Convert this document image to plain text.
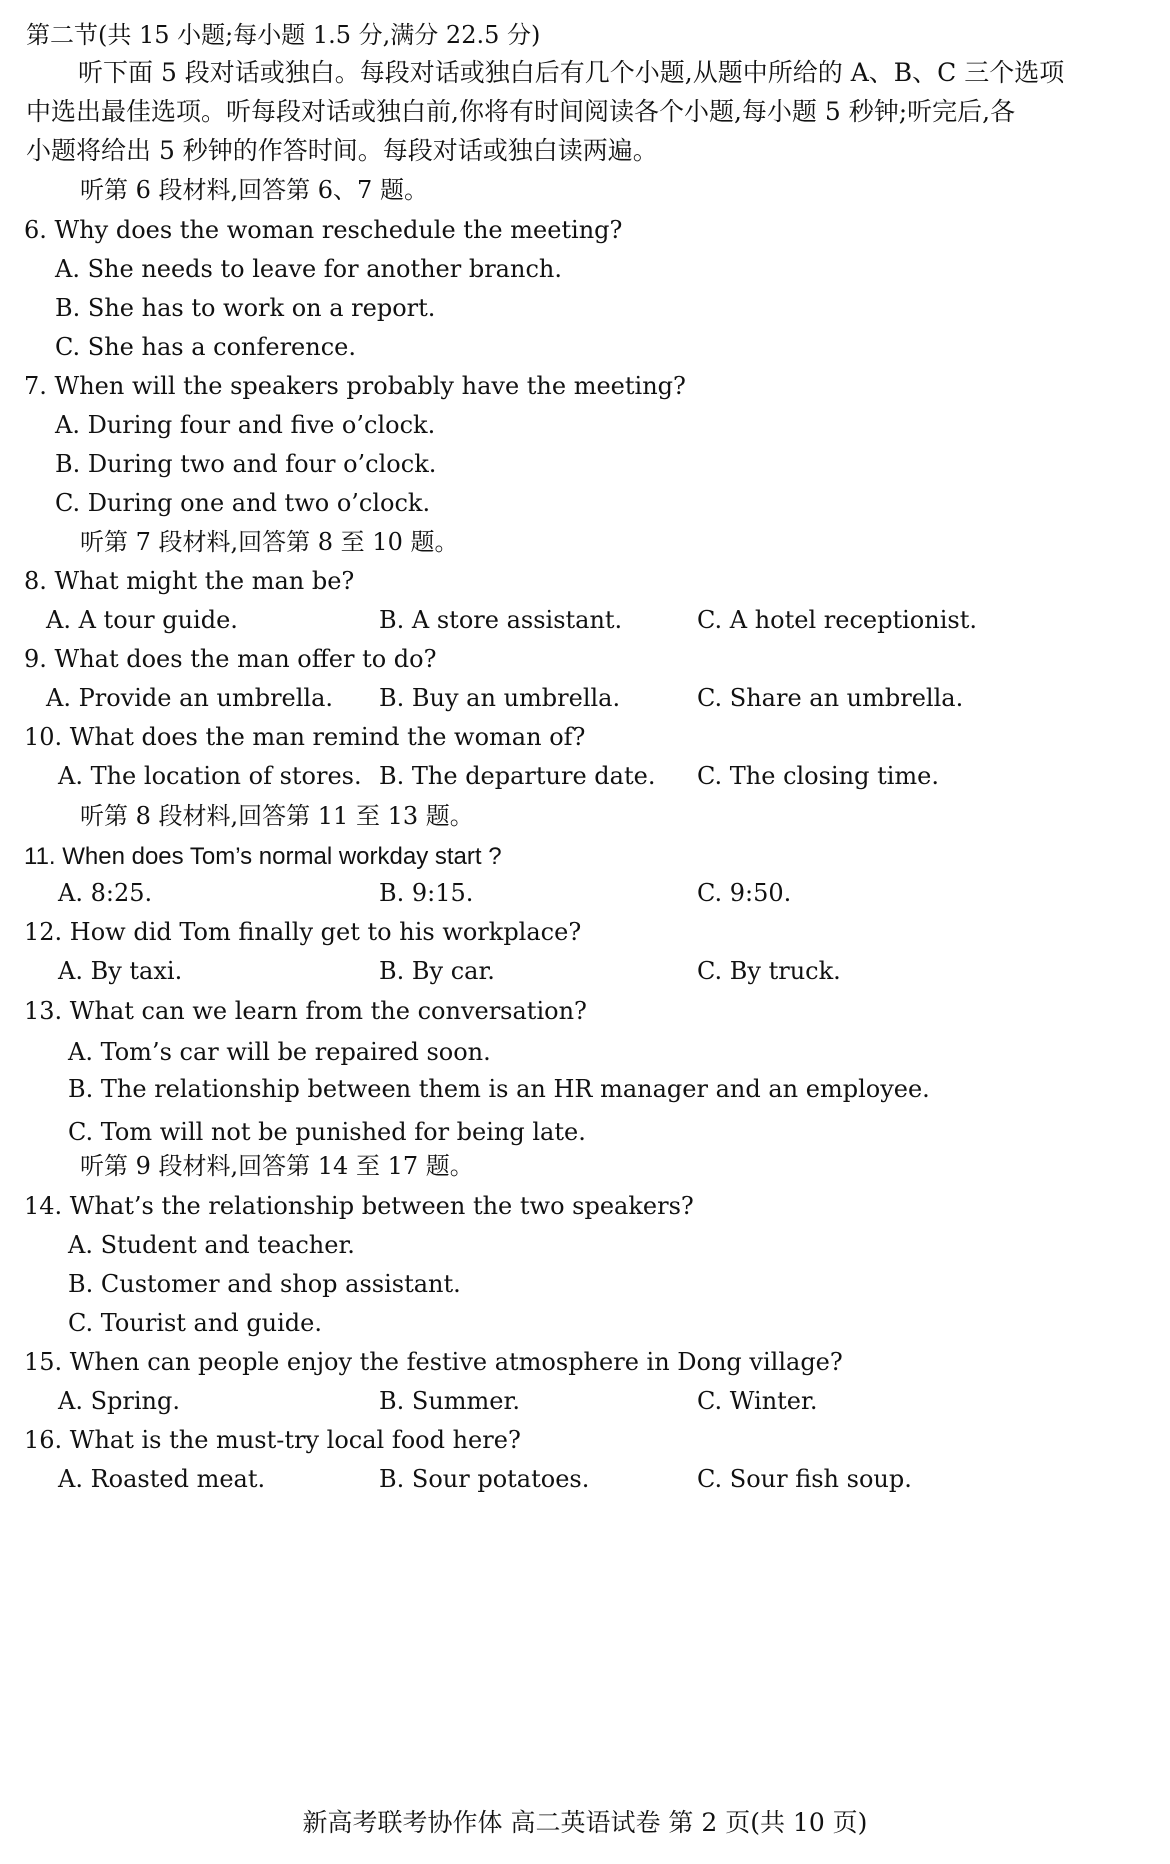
第二节(共 15 小题;每小题 1.5 分,满分 22.5 分)
听下面 5 段对话或独白。每段对话或独白后有几个小题,从题中所给的 A、B、C 三个选项
中选出最佳选项。听每段对话或独白前,你将有时间阅读各个小题,每小题 5 秒钟;听完后,各
小题将给出 5 秒钟的作答时间。每段对话或独白读两遍。
听第 6 段材料,回答第 6、7 题。
6. Why does the woman reschedule the meeting?
A. She needs to leave for another branch.
B. She has to work on a report.
C. She has a conference.
7. When will the speakers probably have the meeting?
A. During four and five o’clock.
B. During two and four o’clock.
C. During one and two o’clock.
听第 7 段材料,回答第 8 至 10 题。
8. What might the man be?
A. A tour guide.	B. A store assistant.	C. A hotel receptionist.
9. What does the man offer to do?
A. Provide an umbrella. B. Buy an umbrella.	C. Share an umbrella.
10. What does the man remind the woman of?
A. The location of stores. B. The departure date. C. The closing time.
听第 8 段材料,回答第 11 至 13 题。
11. When does Tom’s normal workday start ?
A. 8:25.	B. 9:15.	C. 9:50.
12. How did Tom finally get to his workplace?
A. By taxi.	B. By car.	C. By truck.
13. What can we learn from the conversation?
A. Tom’s car will be repaired soon.
B. The relationship between them is an HR manager and an employee.
C. Tom will not be punished for being late.
听第 9 段材料,回答第 14 至 17 题。
14. What’s the relationship between the two speakers?
A. Student and teacher.
B. Customer and shop assistant.
C. Tourist and guide.
15. When can people enjoy the festive atmosphere in Dong village?
A. Spring.	B. Summer.	C. Winter.
16. What is the must-try local food here?
A. Roasted meat.	B. Sour potatoes.	C. Sour fish soup.
新高考联考协作体 高二英语试卷 第 2 页(共 10 页)
